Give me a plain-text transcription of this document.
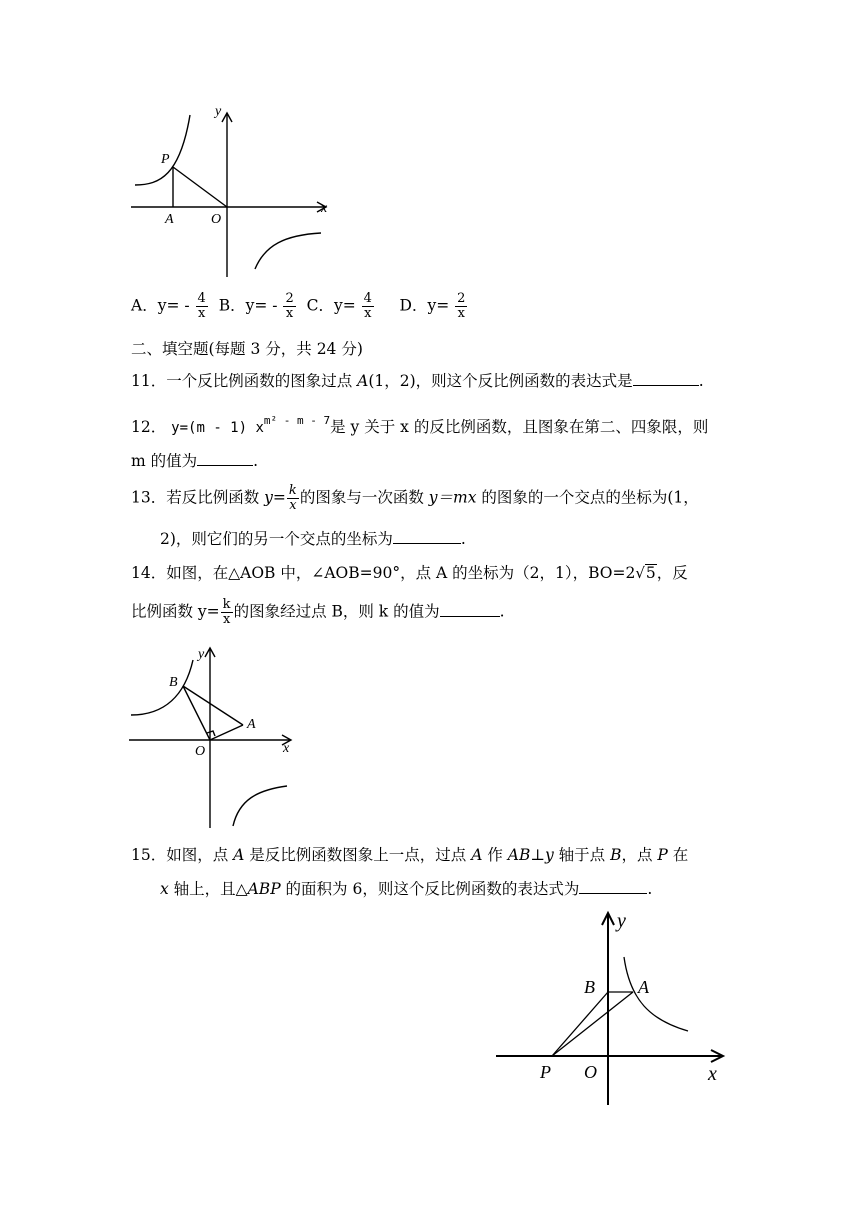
y
P
A	O
x
A．$y= - \frac{4}{x}$ B．$y= - \frac{2}{x}$ C．$y= \frac{4}{x}$ D．$y= \frac{2}{x}$
二、填空题(每题 3 分，共 24 分)
11．一个反比例函数的图象过点 A(1，2)，则这个反比例函数的表达式是	.
12． y=(m - 1) $x^{m^2 - m - 7}$是 y 关于 x 的反比例函数，且图象在第二、四象限，则
m 的值为	.
13．若反比例函数 $y= \frac{k}{x}$ 的图象与一次函数 y＝mx 的图象的一个交点的坐标为(1，
2)，则它们的另一个交点的坐标为	.
14．如图，在△AOB 中，∠AOB=90°，点 A 的坐标为（2，1），BO=2√5，反
比例函数 $y= \frac{k}{x}$ 的图象经过点 B，则 k 的值为	.
y
B
A
O	x
15．如图，点 A 是反比例函数图象上一点，过点 A 作 AB⊥y 轴于点 B，点 P 在
x 轴上，且△ABP 的面积为 6，则这个反比例函数的表达式为	.
y
B A
P O	x
